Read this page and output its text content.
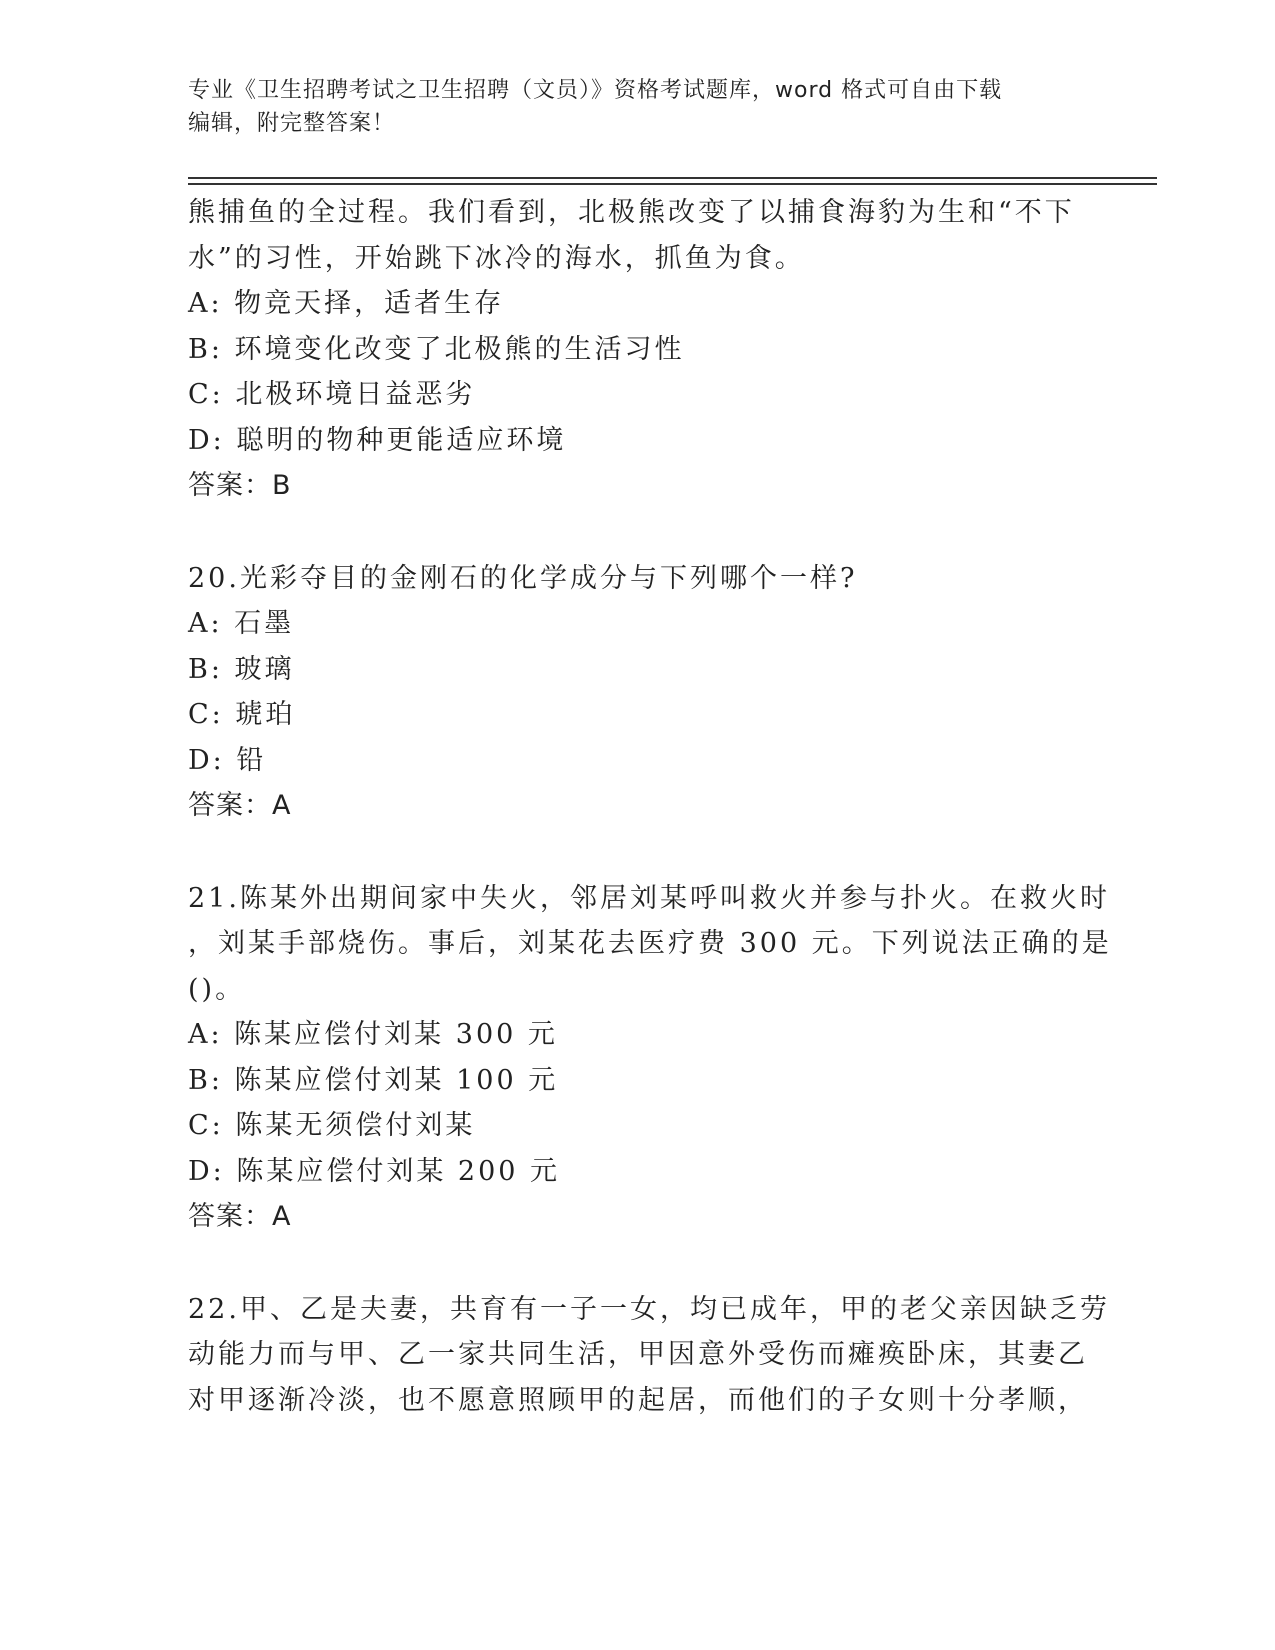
专业《卫生招聘考试之卫生招聘（文员）》资格考试题库，word 格式可自由下载
编辑，附完整答案！
熊捕鱼的全过程。我们看到，北极熊改变了以捕食海豹为生和“不下
水”的习性，开始跳下冰冷的海水，抓鱼为食。
A: 物竞天择，适者生存
B: 环境变化改变了北极熊的生活习性
C: 北极环境日益恶劣
D: 聪明的物种更能适应环境
答案：B
20.光彩夺目的金刚石的化学成分与下列哪个一样?
A: 石墨
B: 玻璃
C: 琥珀
D: 铅
答案：A
21.陈某外出期间家中失火，邻居刘某呼叫救火并参与扑火。在救火时
，刘某手部烧伤。事后，刘某花去医疗费 300 元。下列说法正确的是
()。
A: 陈某应偿付刘某 300 元
B: 陈某应偿付刘某 100 元
C: 陈某无须偿付刘某
D: 陈某应偿付刘某 200 元
答案：A
22.甲、乙是夫妻，共育有一子一女，均已成年，甲的老父亲因缺乏劳
动能力而与甲、乙一家共同生活，甲因意外受伤而瘫痪卧床，其妻乙
对甲逐渐冷淡，也不愿意照顾甲的起居，而他们的子女则十分孝顺，
